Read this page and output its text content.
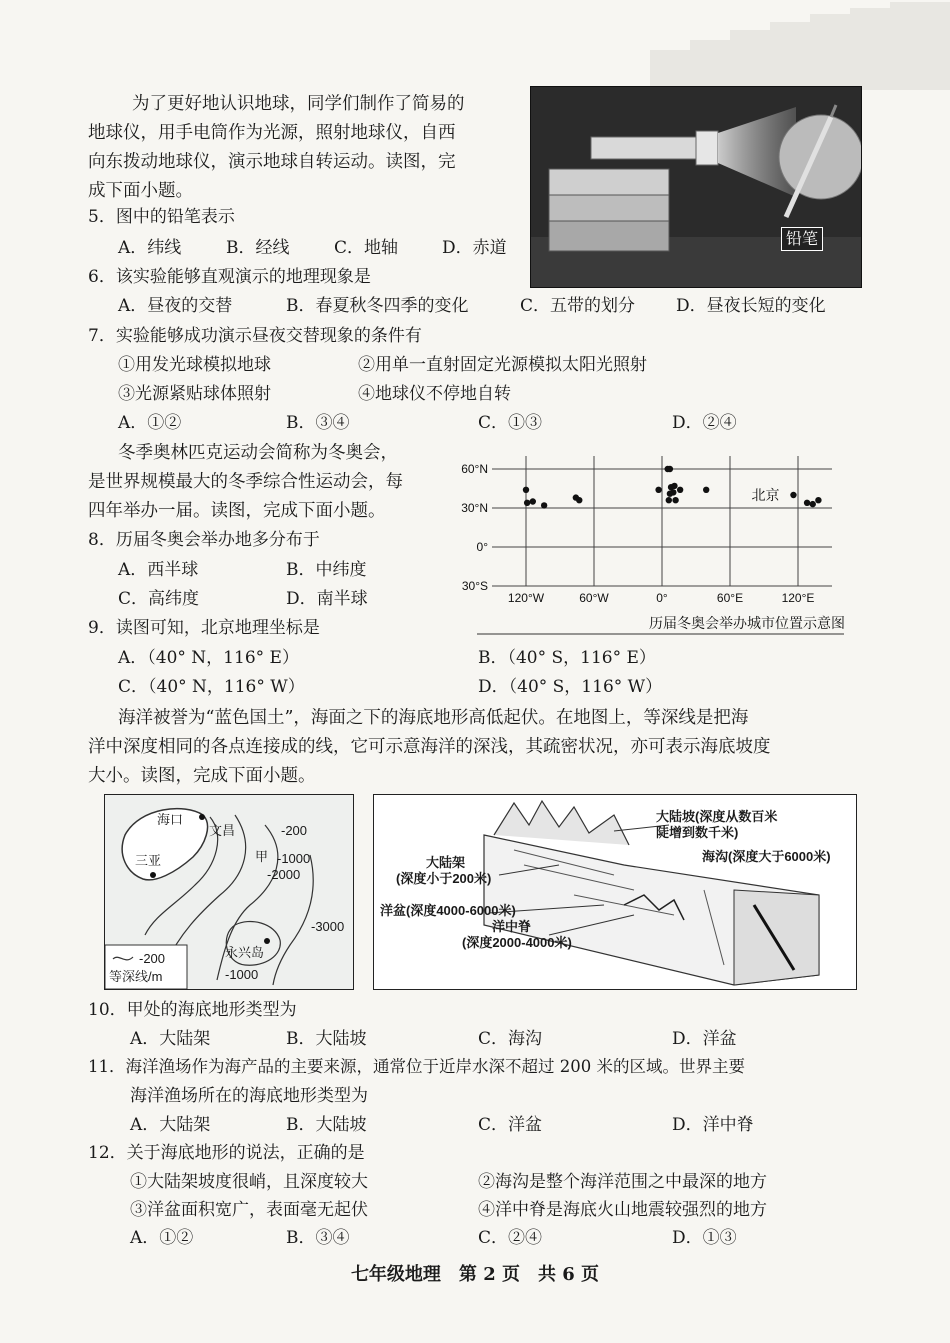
为了更好地认识地球，同学们制作了简易的
地球仪，用手电筒作为光源，照射地球仪，自西
向东拨动地球仪，演示地球自转运动。读图，完
成下面小题。
铅笔
5．图中的铅笔表示
A．纬线	B．经线	C．地轴	D．赤道
6．该实验能够直观演示的地理现象是
A．昼夜的交替	B．春夏秋冬四季的变化	C．五带的划分 D．昼夜长短的变化
7．实验能够成功演示昼夜交替现象的条件有
①用发光球模拟地球	②用单一直射固定光源模拟太阳光照射
③光源紧贴球体照射	④地球仪不停地自转
A．①②	B．③④	C．①③	D．②④
冬季奥林匹克运动会简称为冬奥会，
是世界规模最大的冬季综合性运动会，每
四年举办一届。读图，完成下面小题。
60°N
30°N
0°
30°S
120°W	60°W	0°	60°E	120°E
北京
历届冬奥会举办城市位置示意图
8．历届冬奥会举办地多分布于
A．西半球	B．中纬度
C．高纬度	D．南半球
9．读图可知，北京地理坐标是
A．（40° N，116° E）	B．（40° S，116° E）
C．（40° N，116° W）	D．（40° S，116° W）
海洋被誉为“蓝色国土”，海面之下的海底地形高低起伏。在地图上，等深线是把海
洋中深度相同的各点连接成的线，它可示意海洋的深浅，其疏密状况，亦可表示海底坡度
大小。读图，完成下面小题。
海口
文昌
三亚
永兴岛
甲
-200
-1000
-2000
-3000
-1000
-200
等深线/m
大陆坡(深度从数百米
陡增到数千米)
海沟(深度大于6000米)
大陆架
(深度小于200米)
洋盆(深度4000-6000米)
洋中脊
(深度2000-4000米)
10．甲处的海底地形类型为
A．大陆架	B．大陆坡	C．海沟	D．洋盆
11．海洋渔场作为海产品的主要来源，通常位于近岸水深不超过 200 米的区域。世界主要
海洋渔场所在的海底地形类型为
A．大陆架	B．大陆坡	C．洋盆	D．洋中脊
12．关于海底地形的说法，正确的是
①大陆架坡度很峭，且深度较大	②海沟是整个海洋范围之中最深的地方
③洋盆面积宽广，表面毫无起伏	④洋中脊是海底火山地震较强烈的地方
A．①②	B．③④	C．②④	D．①③
七年级地理　第 2 页　共 6 页
